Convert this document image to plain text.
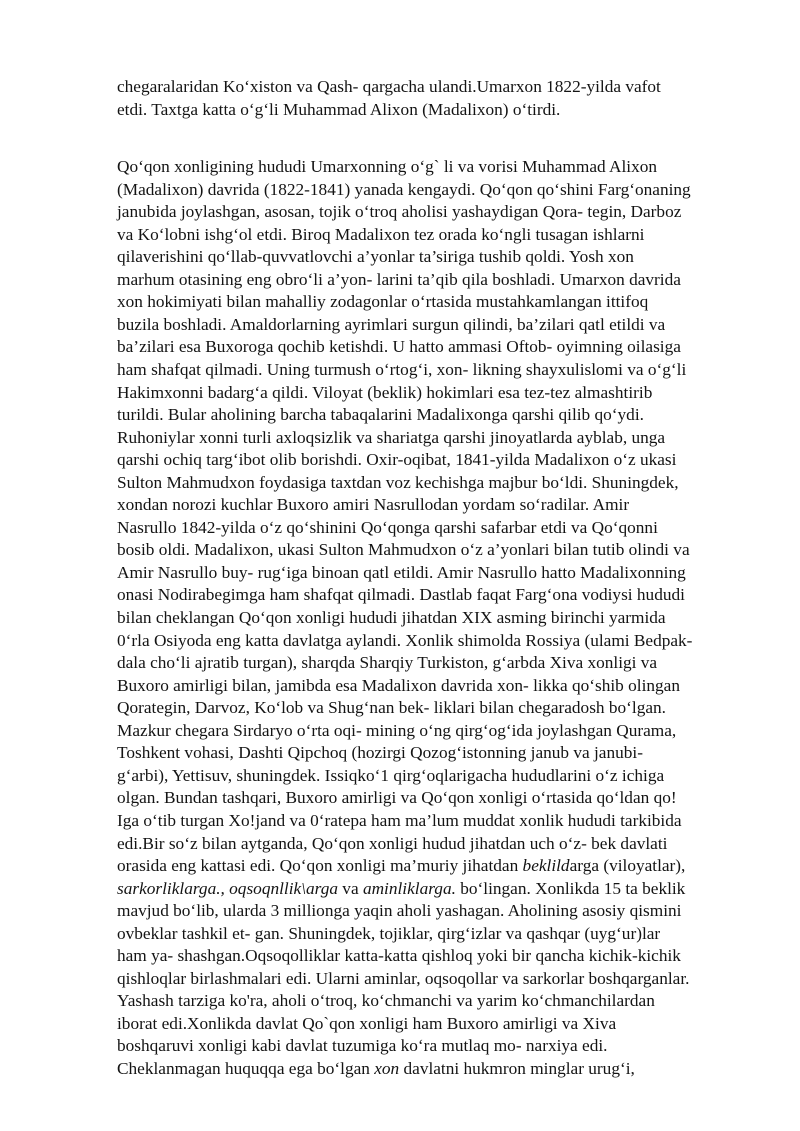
chegaralaridan Ko‘xiston va Qash- qargacha ulandi.Umarxon 1822-yilda vafot
etdi. Taxtga katta o‘g‘li Muhammad Alixon (Madalixon) o‘tirdi.
Qo‘qon xonligining hududi Umarxonning o‘g` li va vorisi Muhammad Alixon
(Madalixon) davrida (1822-1841) yanada kengaydi. Qo‘qon qo‘shini Farg‘onaning
janubida joylashgan, asosan, tojik o‘troq aholisi yashaydigan Qora- tegin, Darboz
va Ko‘lobni ishg‘ol etdi. Biroq Madalixon tez orada ko‘ngli tusagan ishlarni
qilaverishini qo‘llab-quvvatlovchi a’yonlar ta’siriga tushib qoldi. Yosh xon
marhum otasining eng obro‘li a’yon- larini ta’qib qila boshladi. Umarxon davrida
xon hokimiyati bilan mahalliy zodagonlar o‘rtasida mustahkamlangan ittifoq
buzila boshladi. Amaldorlarning ayrimlari surgun qilindi, ba’zilari qatl etildi va
ba’zilari esa Buxoroga qochib ketishdi. U hatto ammasi Oftob- oyimning oilasiga
ham shafqat qilmadi. Uning turmush o‘rtog‘i, xon- likning shayxulislomi va o‘g‘li
Hakimxonni badarg‘a qildi. Viloyat (beklik) hokimlari esa tez-tez almashtirib
turildi. Bular aholining barcha tabaqalarini Madalixonga qarshi qilib qo‘ydi.
Ruhoniylar xonni turli axloqsizlik va shariatga qarshi jinoyatlarda ayblab, unga
qarshi ochiq targ‘ibot olib borishdi. Oxir-oqibat, 1841-yilda Madalixon o‘z ukasi
Sulton Mahmudxon foydasiga taxtdan voz kechishga majbur bo‘ldi. Shuningdek,
xondan norozi kuchlar Buxoro amiri Nasrullodan yordam so‘radilar. Amir
Nasrullo 1842-yilda o‘z qo‘shinini Qo‘qonga qarshi safarbar etdi va Qo‘qonni
bosib oldi. Madalixon, ukasi Sulton Mahmudxon o‘z a’yonlari bilan tutib olindi va
Amir Nasrullo buy- rug‘iga binoan qatl etildi. Amir Nasrullo hatto Madalixonning
onasi Nodirabegimga ham shafqat qilmadi. Dastlab faqat Farg‘ona vodiysi hududi
bilan cheklangan Qo‘qon xonligi hududi jihatdan XIX asming birinchi yarmida
0‘rla Osiyoda eng katta davlatga aylandi. Xonlik shimolda Rossiya (ulami Bedpak-
dala cho‘li ajratib turgan), sharqda Sharqiy Turkiston, g‘arbda Xiva xonligi va
Buxoro amirligi bilan, jamibda esa Madalixon davrida xon- likka qo‘shib olingan
Qorategin, Darvoz, Ko‘lob va Shug‘nan bek- liklari bilan chegaradosh bo‘lgan.
Mazkur chegara Sirdaryo o‘rta oqi- mining o‘ng qirg‘og‘ida joylashgan Qurama,
Toshkent vohasi, Dashti Qipchoq (hozirgi Qozog‘istonning janub va janubi-
g‘arbi), Yettisuv, shuningdek. Issiqko‘1 qirg‘oqlarigacha hududlarini o‘z ichiga
olgan. Bundan tashqari, Buxoro amirligi va Qo‘qon xonligi o‘rtasida qo‘ldan qo!
Iga o‘tib turgan Xo!jand va 0‘ratepa ham ma’lum muddat xonlik hududi tarkibida
edi.Bir so‘z bilan aytganda, Qo‘qon xonligi hudud jihatdan uch o‘z- bek davlati
orasida eng kattasi edi. Qo‘qon xonligi ma’muriy jihatdan beklildarga (viloyatlar),
sarkorliklarga., oqsoqnllik\arga va aminliklarga. bo‘lingan. Xonlikda 15 ta beklik
mavjud bo‘lib, ularda 3 millionga yaqin aholi yashagan. Aholining asosiy qismini
ovbeklar tashkil et- gan. Shuningdek, tojiklar, qirg‘izlar va qashqar (uyg‘ur)lar
ham ya- shashgan.Oqsoqolliklar katta-katta qishloq yoki bir qancha kichik-kichik
qishloqlar birlashmalari edi. Ularni aminlar, oqsoqollar va sarkorlar boshqarganlar.
Yashash tarziga ko'ra, aholi o‘troq, ko‘chmanchi va yarim ko‘chmanchilardan
iborat edi.Xonlikda davlat Qo`qon xonligi ham Buxoro amirligi va Xiva
boshqaruvi xonligi kabi davlat tuzumiga ko‘ra mutlaq mo- narxiya edi.
Cheklanmagan huquqqa ega bo‘lgan xon davlatni hukmron minglar urug‘i,
